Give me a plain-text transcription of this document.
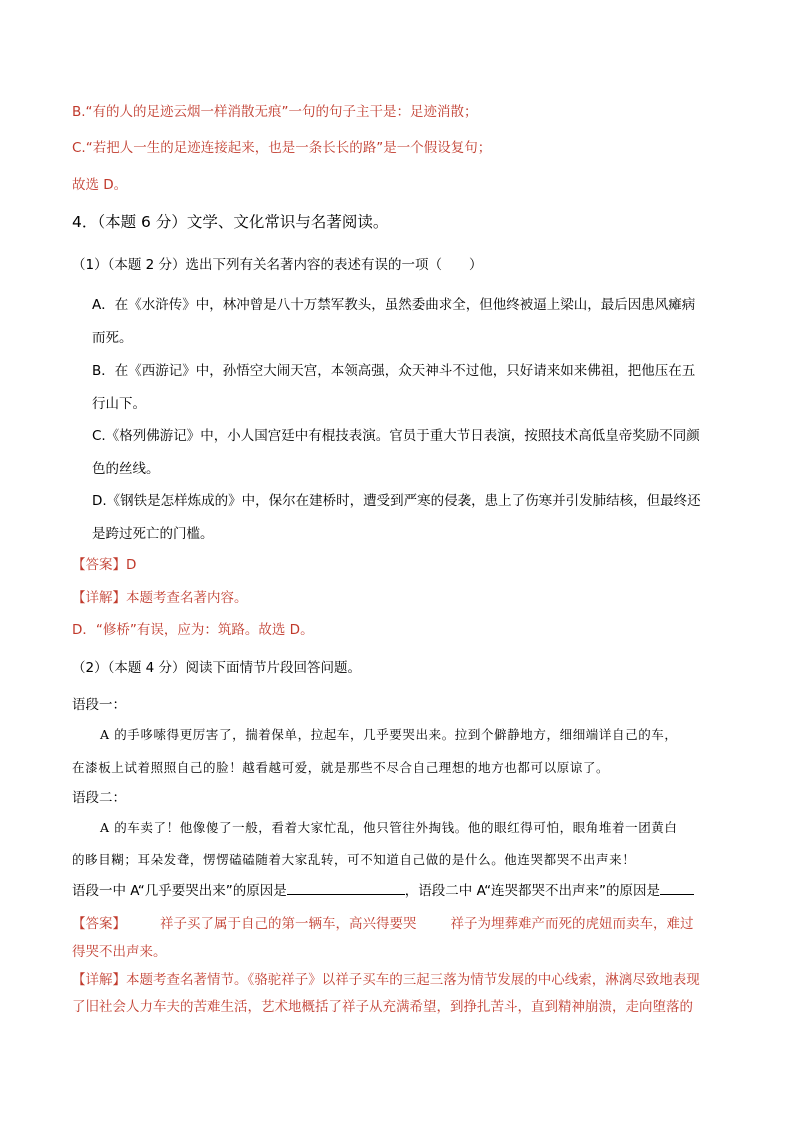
B.“有的人的足迹云烟一样消散无痕”一句的句子主干是：足迹消散；
C.“若把人一生的足迹连接起来，也是一条长长的路”是一个假设复句；
故选 D。
4．（本题 6 分）文学、文化常识与名著阅读。
（1）（本题 2 分）选出下列有关名著内容的表述有误的一项（　　）
A．在《水浒传》中，林冲曾是八十万禁军教头，虽然委曲求全，但他终被逼上梁山，最后因患风瘫病
而死。
B．在《西游记》中，孙悟空大闹天宫，本领高强，众天神斗不过他，只好请来如来佛祖，把他压在五
行山下。
C.《格列佛游记》中，小人国宫廷中有棍技表演。官员于重大节日表演，按照技术高低皇帝奖励不同颜
色的丝线。
D.《钢铁是怎样炼成的》中，保尔在建桥时，遭受到严寒的侵袭，患上了伤寒并引发肺结核，但最终还
是跨过死亡的门槛。
【答案】D
【详解】本题考查名著内容。
D．“修桥”有误，应为：筑路。故选 D。
（2）（本题 4 分）阅读下面情节片段回答问题。
语段一：
A 的手哆嗦得更厉害了，揣着保单，拉起车，几乎要哭出来。拉到个僻静地方，细细端详自己的车，
在漆板上试着照照自己的脸！越看越可爱，就是那些不尽合自己理想的地方也都可以原谅了。
语段二：
A 的车卖了！他像傻了一般，看着大家忙乱，他只管往外掏钱。他的眼红得可怕，眼角堆着一团黄白
的眵目糊；耳朵发聋，愣愣磕磕随着大家乱转，可不知道自己做的是什么。他连哭都哭不出声来！
语段一中 A“几乎要哭出来”的原因是	，语段二中 A“连哭都哭不出声来”的原因是
【答案】	祥子买了属于自己的第一辆车，高兴得要哭	祥子为埋葬难产而死的虎妞而卖车，难过
得哭不出声来。
【详解】本题考查名著情节。《骆驼祥子》以祥子买车的三起三落为情节发展的中心线索，淋漓尽致地表现
了旧社会人力车夫的苦难生活，艺术地概括了祥子从充满希望，到挣扎苦斗，直到精神崩溃，走向堕落的
